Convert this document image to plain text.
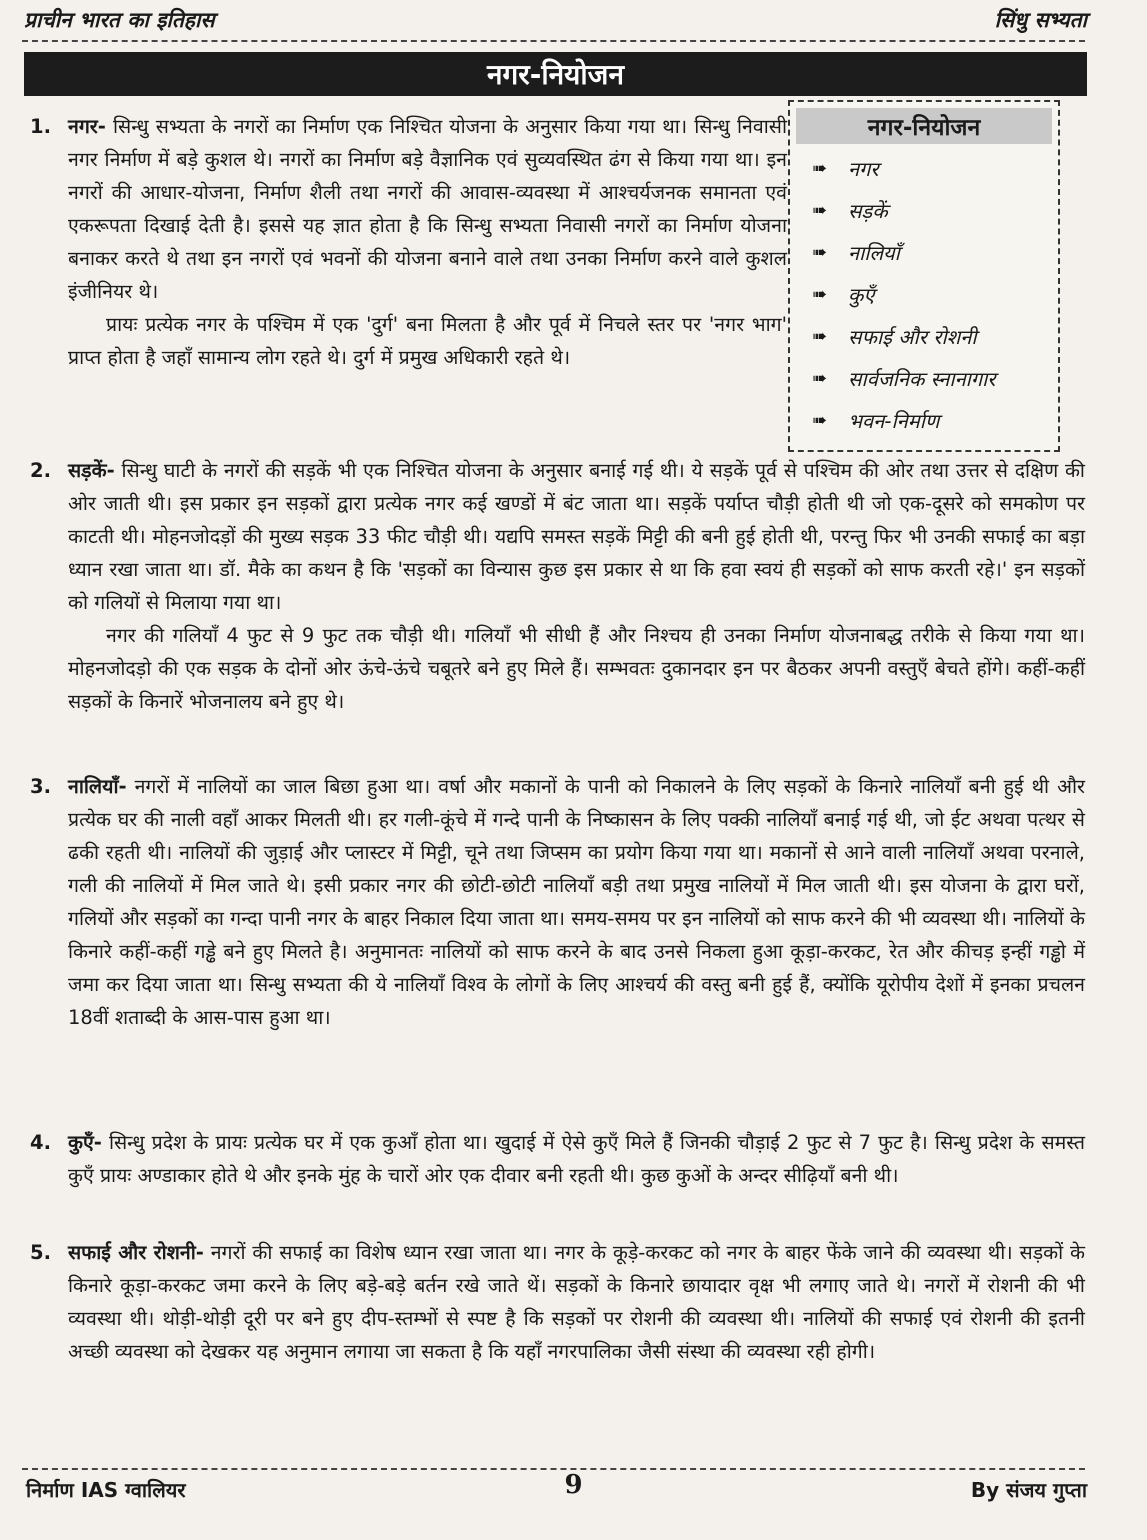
प्राचीन भारत का इतिहास	सिंधु सभ्यता
नगर-नियोजन
नगर-नियोजन
➠	नगर
➠	सड़कें
➠	नालियाँ
➠	कुएँ
➠	सफाई और रोशनी
➠	सार्वजनिक स्नानागार
➠	भवन-निर्माण
1. नगर- सिन्धु सभ्यता के नगरों का निर्माण एक निश्चित योजना के अनुसार किया गया था। सिन्धु निवासी नगर निर्माण में बड़े कुशल थे। नगरों का निर्माण बड़े वैज्ञानिक एवं सुव्यवस्थित ढंग से किया गया था। इन नगरों की आधार-योजना, निर्माण शैली तथा नगरों की आवास-व्यवस्था में आश्चर्यजनक समानता एवं एकरूपता दिखाई देती है। इससे यह ज्ञात होता है कि सिन्धु सभ्यता निवासी नगरों का निर्माण योजना बनाकर करते थे तथा इन नगरों एवं भवनों की योजना बनाने वाले तथा उनका निर्माण करने वाले कुशल इंजीनियर थे।

प्रायः प्रत्येक नगर के पश्चिम में एक 'दुर्ग' बना मिलता है और पूर्व में निचले स्तर पर 'नगर भाग' प्राप्त होता है जहाँ सामान्य लोग रहते थे। दुर्ग में प्रमुख अधिकारी रहते थे।

2. सड़कें- सिन्धु घाटी के नगरों की सड़कें भी एक निश्चित योजना के अनुसार बनाई गई थी। ये सड़कें पूर्व से पश्चिम की ओर तथा उत्तर से दक्षिण की ओर जाती थी। इस प्रकार इन सड़कों द्वारा प्रत्येक नगर कई खण्डों में बंट जाता था। सड़कें पर्याप्त चौड़ी होती थी जो एक-दूसरे को समकोण पर काटती थी। मोहनजोदड़ों की मुख्य सड़क 33 फीट चौड़ी थी। यद्यपि समस्त सड़कें मिट्टी की बनी हुई होती थी, परन्तु फिर भी उनकी सफाई का बड़ा ध्यान रखा जाता था। डॉ. मैके का कथन है कि 'सड़कों का विन्यास कुछ इस प्रकार से था कि हवा स्वयं ही सड़कों को साफ करती रहे।' इन सड़कों को गलियों से मिलाया गया था।

नगर की गलियाँ 4 फुट से 9 फुट तक चौड़ी थी। गलियाँ भी सीधी हैं और निश्चय ही उनका निर्माण योजनाबद्ध तरीके से किया गया था। मोहनजोदड़ो की एक सड़क के दोनों ओर ऊंचे-ऊंचे चबूतरे बने हुए मिले हैं। सम्भवतः दुकानदार इन पर बैठकर अपनी वस्तुएँ बेचते होंगे। कहीं-कहीं सड़कों के किनारें भोजनालय बने हुए थे।

3. नालियाँ- नगरों में नालियों का जाल बिछा हुआ था। वर्षा और मकानों के पानी को निकालने के लिए सड़कों के किनारे नालियाँ बनी हुई थी और प्रत्येक घर की नाली वहाँ आकर मिलती थी। हर गली-कूंचे में गन्दे पानी के निष्कासन के लिए पक्की नालियाँ बनाई गई थी, जो ईट अथवा पत्थर से ढकी रहती थी। नालियों की जुड़ाई और प्लास्टर में मिट्टी, चूने तथा जिप्सम का प्रयोग किया गया था। मकानों से आने वाली नालियाँ अथवा परनाले, गली की नालियों में मिल जाते थे। इसी प्रकार नगर की छोटी-छोटी नालियाँ बड़ी तथा प्रमुख नालियों में मिल जाती थी। इस योजना के द्वारा घरों, गलियों और सड़कों का गन्दा पानी नगर के बाहर निकाल दिया जाता था। समय-समय पर इन नालियों को साफ करने की भी व्यवस्था थी। नालियों के किनारे कहीं-कहीं गड्ढे बने हुए मिलते है। अनुमानतः नालियों को साफ करने के बाद उनसे निकला हुआ कूड़ा-करकट, रेत और कीचड़ इन्हीं गड्ढो में जमा कर दिया जाता था। सिन्धु सभ्यता की ये नालियाँ विश्व के लोगों के लिए आश्चर्य की वस्तु बनी हुई हैं, क्योंकि यूरोपीय देशों में इनका प्रचलन 18वीं शताब्दी के आस-पास हुआ था।

4. कुएँ- सिन्धु प्रदेश के प्रायः प्रत्येक घर में एक कुआँ होता था। खुदाई में ऐसे कुएँ मिले हैं जिनकी चौड़ाई 2 फुट से 7 फुट है। सिन्धु प्रदेश के समस्त कुएँ प्रायः अण्डाकार होते थे और इनके मुंह के चारों ओर एक दीवार बनी रहती थी। कुछ कुओं के अन्दर सीढ़ियाँ बनी थी।

5. सफाई और रोशनी- नगरों की सफाई का विशेष ध्यान रखा जाता था। नगर के कूड़े-करकट को नगर के बाहर फेंके जाने की व्यवस्था थी। सड़कों के किनारे कूड़ा-करकट जमा करने के लिए बड़े-बड़े बर्तन रखे जाते थें। सड़कों के किनारे छायादार वृक्ष भी लगाए जाते थे। नगरों में रोशनी की भी व्यवस्था थी। थोड़ी-थोड़ी दूरी पर बने हुए दीप-स्तम्भों से स्पष्ट है कि सड़कों पर रोशनी की व्यवस्था थी। नालियों की सफाई एवं रोशनी की इतनी अच्छी व्यवस्था को देखकर यह अनुमान लगाया जा सकता है कि यहाँ नगरपालिका जैसी संस्था की व्यवस्था रही होगी।

निर्माण IAS ग्वालियर	9	By संजय गुप्ता
